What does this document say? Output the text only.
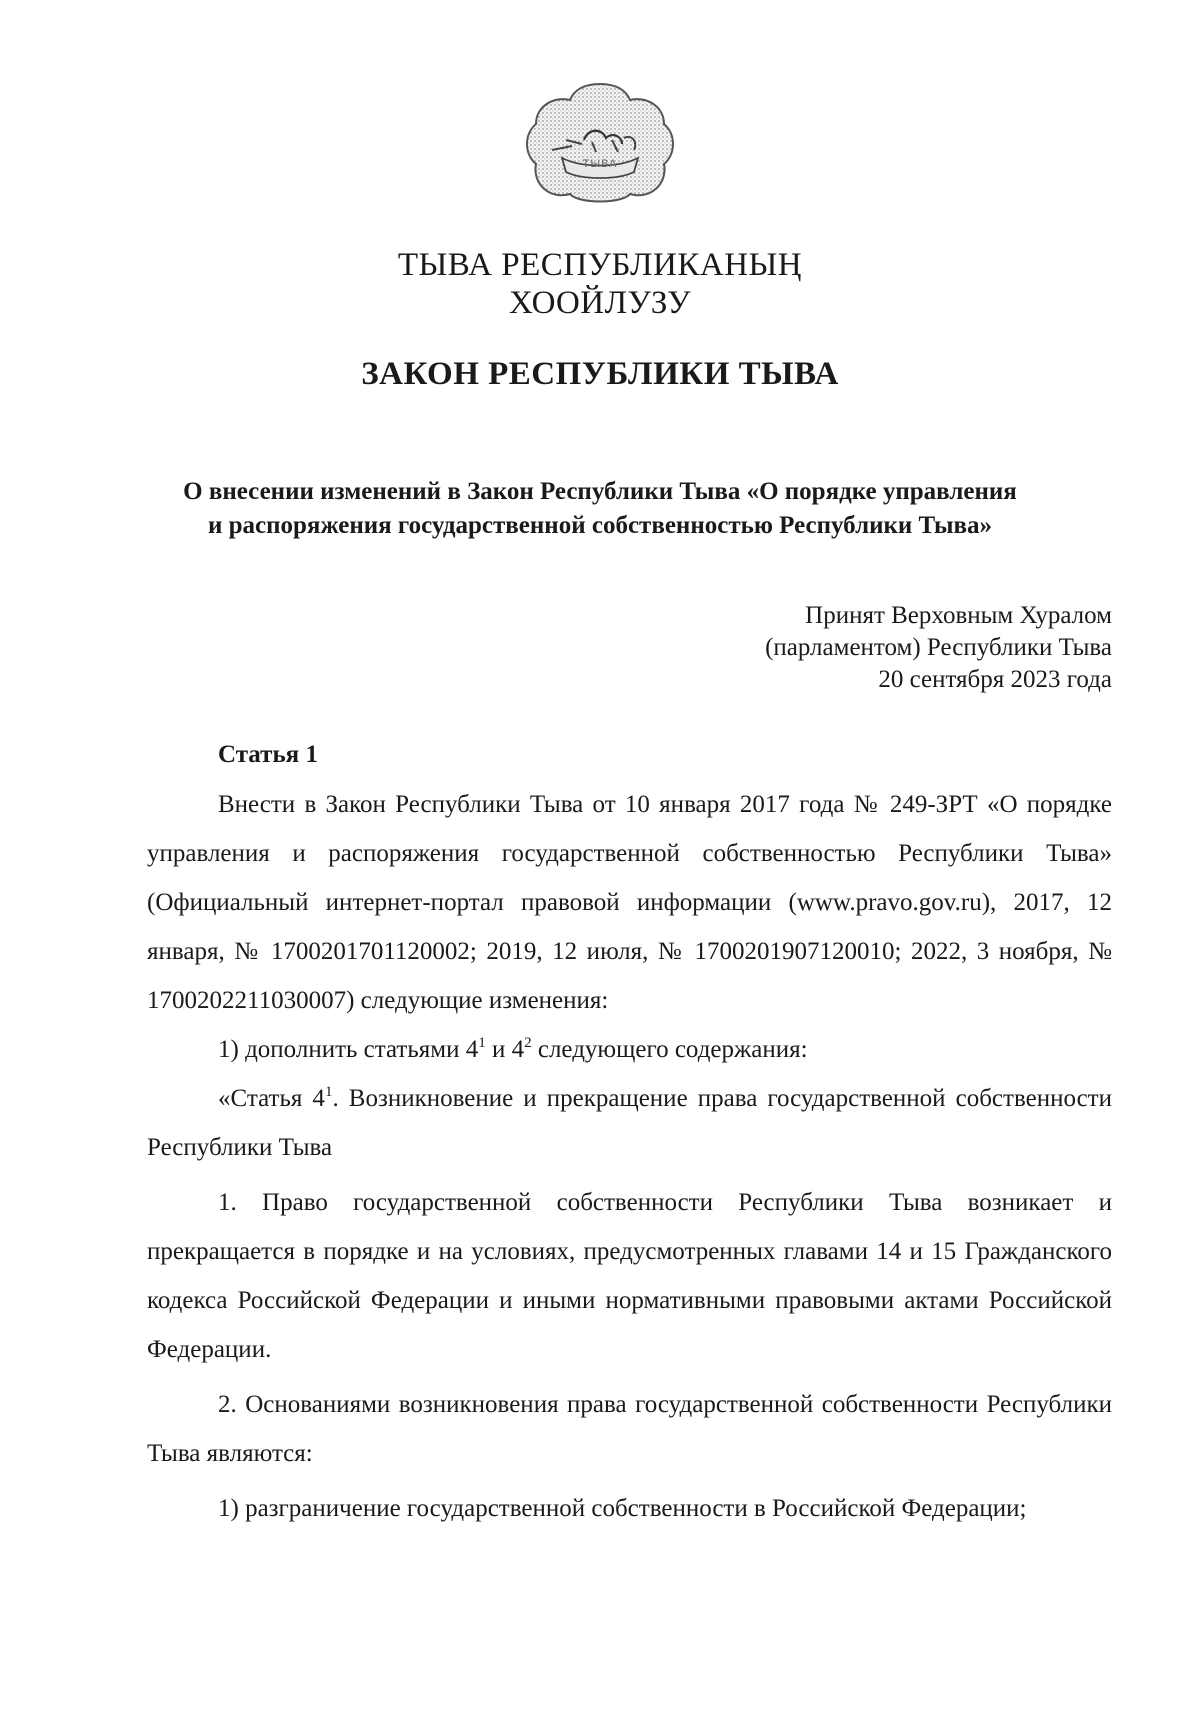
ТЫВА
ТЫВА РЕСПУБЛИКАНЫҢ
ХООЙЛУЗУ
ЗАКОН РЕСПУБЛИКИ ТЫВА
О внесении изменений в Закон Республики Тыва «О порядке управления
и распоряжения государственной собственностью Республики Тыва»
Принят Верховным Хуралом
(парламентом) Республики Тыва
20 сентября 2023 года

Статья 1

Внести в Закон Республики Тыва от 10 января 2017 года № 249-ЗРТ «О порядке управления и распоряжения государственной собственностью Республики Тыва» (Официальный интернет-портал правовой информации (www.pravo.gov.ru), 2017, 12 января, № 1700201701120002; 2019, 12 июля, № 1700201907120010; 2022, 3 ноября, № 1700202211030007) следующие изменения:

1) дополнить статьями $4^1$ и $4^2$ следующего содержания:

«Статья $4^1$. Возникновение и прекращение права государственной собственности Республики Тыва

1. Право государственной собственности Республики Тыва возникает и прекращается в порядке и на условиях, предусмотренных главами 14 и 15 Гражданского кодекса Российской Федерации и иными нормативными правовыми актами Российской Федерации.

2. Основаниями возникновения права государственной собственности Республики Тыва являются:

1) разграничение государственной собственности в Российской Федерации;
